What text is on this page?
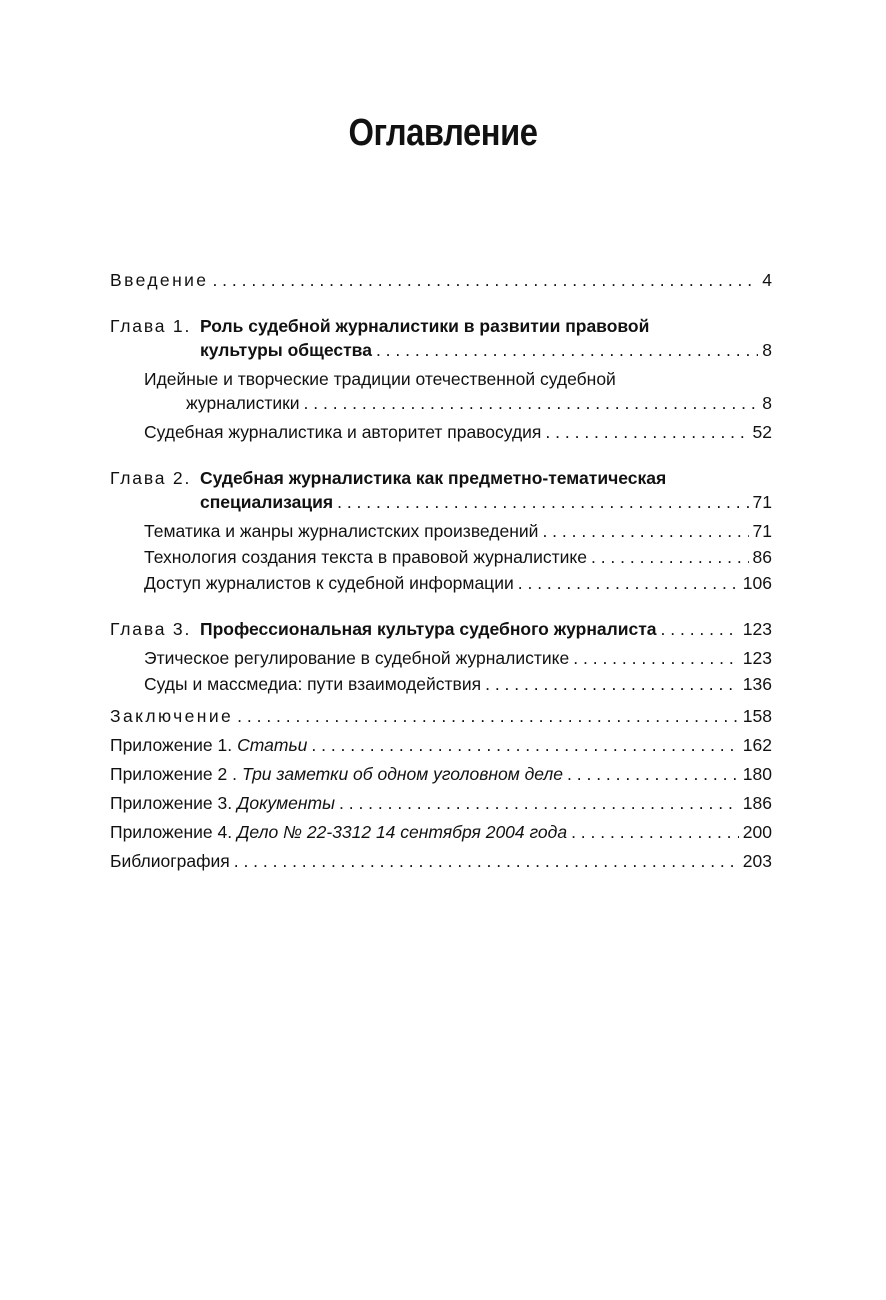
Оглавление
Введение . . .	4
Глава 1. Роль судебной журналистики в развитии правовой
культуры общества . . .	8
Идейные и творческие традиции отечественной судебной
журналистики . . .	8
Судебная журналистика и авторитет правосудия . . .	52
Глава 2. Судебная журналистика как предметно-тематическая
специализация . . .	71
Тематика и жанры журналистских произведений . . .	71
Технология создания текста в правовой журналистике . . .	86
Доступ журналистов к судебной информации . . .	106
Глава 3. Профессиональная культура судебного журналиста . . .	123
Этическое регулирование в судебной журналистике . . .	123
Суды и массмедиа: пути взаимодействия . . .	136
Заключение . . .	158
Приложение 1. Статьи . . .	162
Приложение 2 . Три заметки об одном уголовном деле . . .	180
Приложение 3. Документы . . .	186
Приложение 4. Дело № 22-3312 14 сентября 2004 года . . .	200
Библиография . . .	203
